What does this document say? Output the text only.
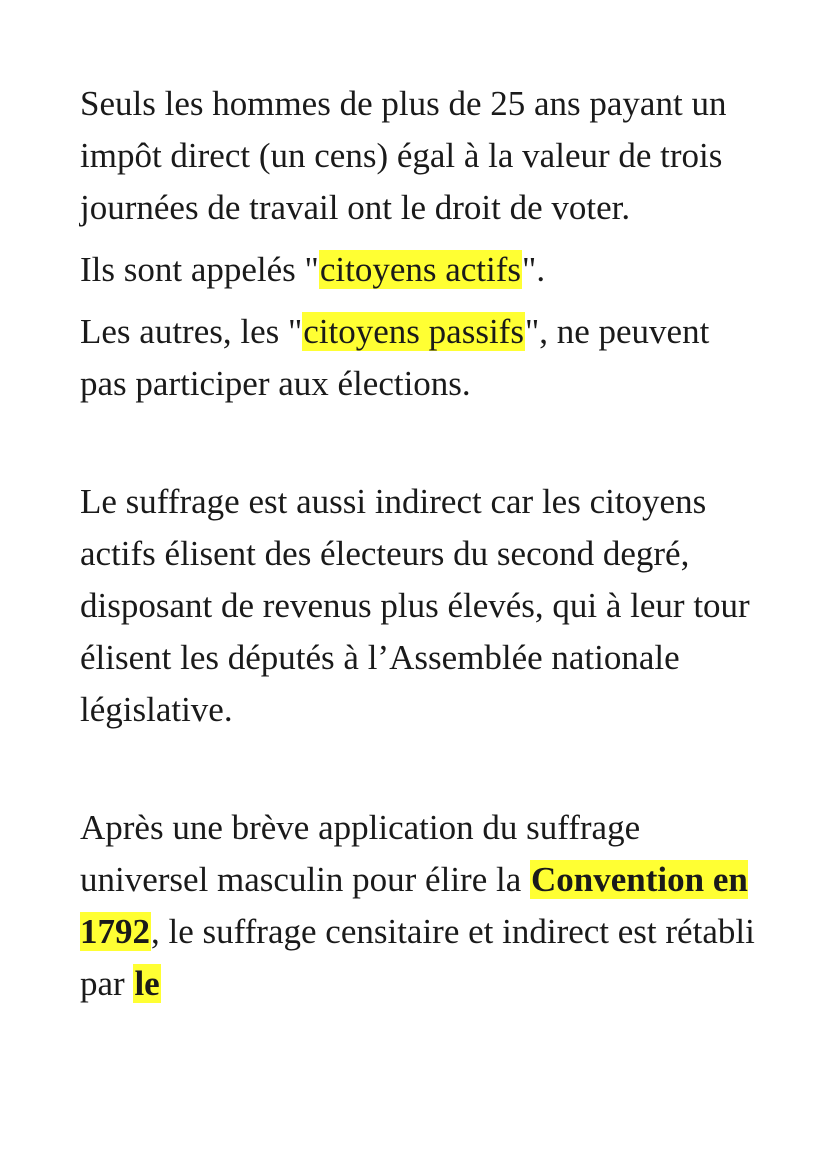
Seuls les hommes de plus de 25 ans payant un impôt direct (un cens) égal à la valeur de trois journées de travail ont le droit de voter.

Ils sont appelés "citoyens actifs".

Les autres, les "citoyens passifs", ne peuvent pas participer aux élections.

Le suffrage est aussi indirect car les citoyens actifs élisent des électeurs du second degré, disposant de revenus plus élevés, qui à leur tour élisent les députés à l’Assemblée nationale législative.

Après une brève application du suffrage universel masculin pour élire la Convention en 1792, le suffrage censitaire et indirect est rétabli par le
